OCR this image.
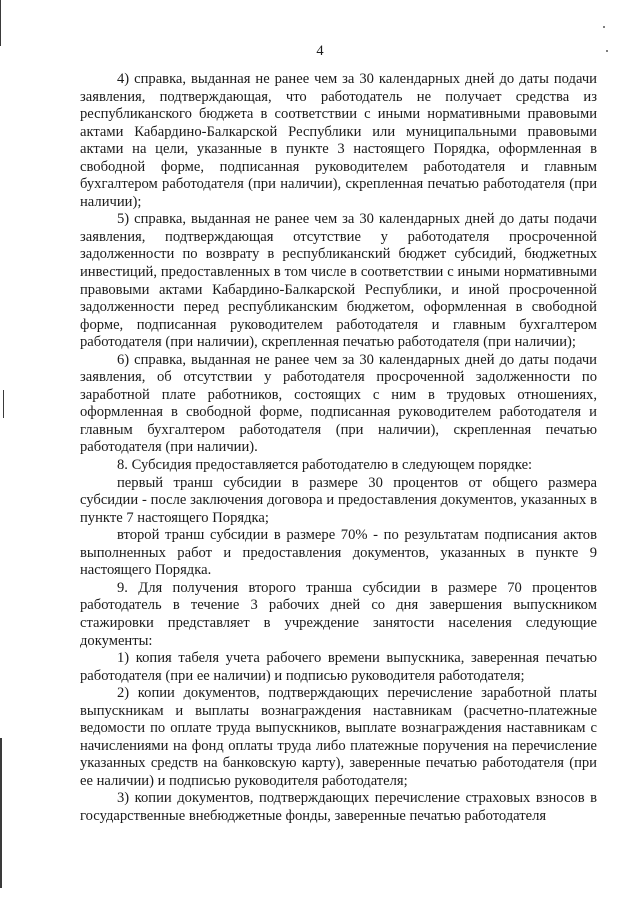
4

4) справка, выданная не ранее чем за 30 календарных дней до даты подачи заявления, подтверждающая, что работодатель не получает средства из республиканского бюджета в соответствии с иными нормативными правовыми актами Кабардино-Балкарской Республики или муниципальными правовыми актами на цели, указанные в пункте 3 настоящего Порядка, оформленная в свободной форме, подписанная руководителем работодателя и главным бухгалтером работодателя (при наличии), скрепленная печатью работодателя (при наличии);

5) справка, выданная не ранее чем за 30 календарных дней до даты подачи заявления, подтверждающая отсутствие у работодателя просроченной задолженности по возврату в республиканский бюджет субсидий, бюджетных инвестиций, предоставленных в том числе в соответствии с иными нормативными правовыми актами Кабардино-Балкарской Республики, и иной просроченной задолженности перед республиканским бюджетом, оформленная в свободной форме, подписанная руководителем работодателя и главным бухгалтером работодателя (при наличии), скрепленная печатью работодателя (при наличии);

6) справка, выданная не ранее чем за 30 календарных дней до даты подачи заявления, об отсутствии у работодателя просроченной задолженности по заработной плате работников, состоящих с ним в трудовых отношениях, оформленная в свободной форме, подписанная руководителем работодателя и главным бухгалтером работодателя (при наличии), скрепленная печатью работодателя (при наличии).

8. Субсидия предоставляется работодателю в следующем порядке:

первый транш субсидии в размере 30 процентов от общего размера субсидии - после заключения договора и предоставления документов, указанных в пункте 7 настоящего Порядка;

второй транш субсидии в размере 70% - по результатам подписания актов выполненных работ и предоставления документов, указанных в пункте 9 настоящего Порядка.

9. Для получения второго транша субсидии в размере 70 процентов работодатель в течение 3 рабочих дней со дня завершения выпускником стажировки представляет в учреждение занятости населения следующие документы:

1) копия табеля учета рабочего времени выпускника, заверенная печатью работодателя (при ее наличии) и подписью руководителя работодателя;

2) копии документов, подтверждающих перечисление заработной платы выпускникам и выплаты вознаграждения наставникам (расчетно-платежные ведомости по оплате труда выпускников, выплате вознаграждения наставникам с начислениями на фонд оплаты труда либо платежные поручения на перечисление указанных средств на банковскую карту), заверенные печатью работодателя (при ее наличии) и подписью руководителя работодателя;

3) копии документов, подтверждающих перечисление страховых взносов в государственные внебюджетные фонды, заверенные печатью работодателя
